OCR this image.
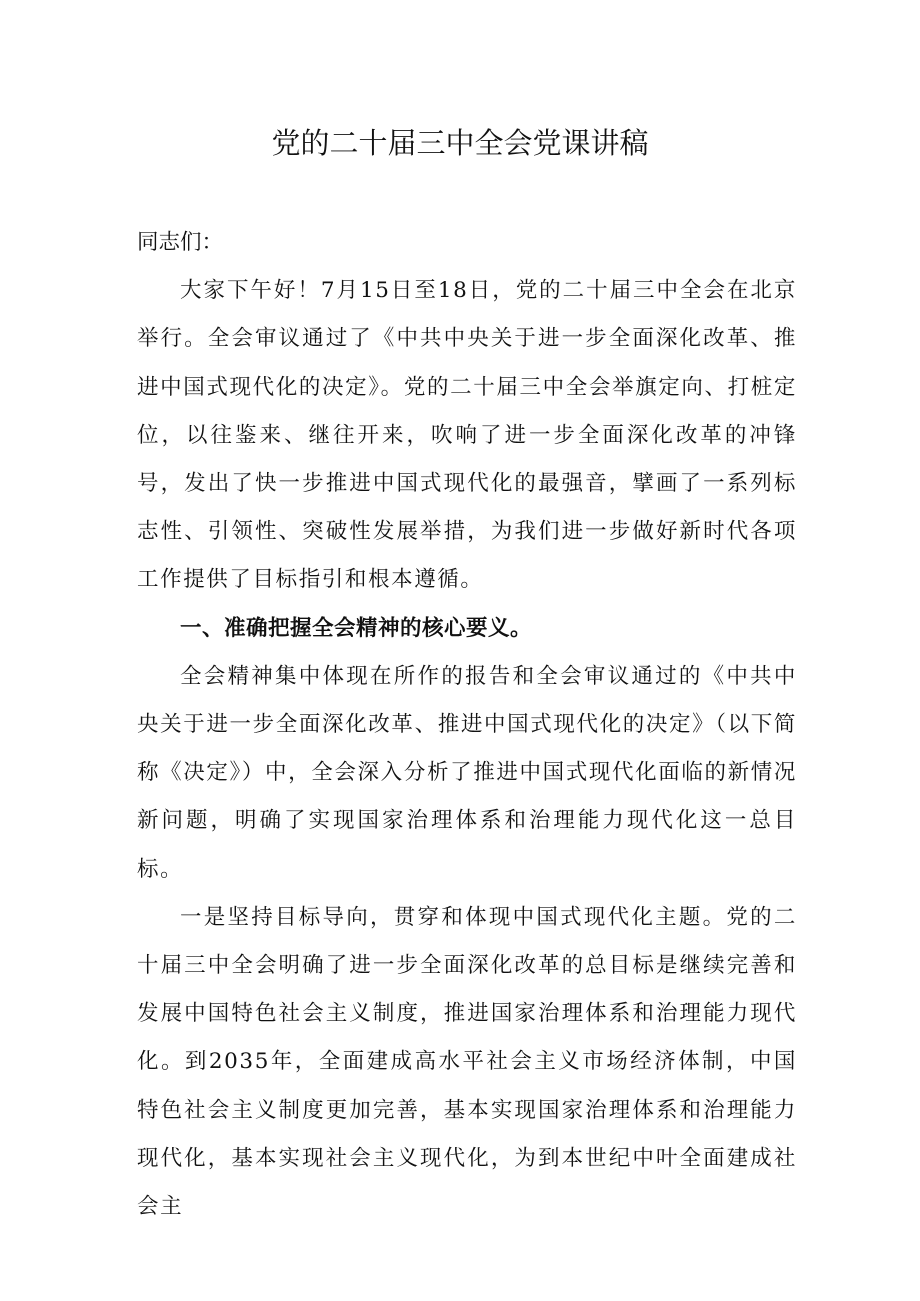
党的二十届三中全会党课讲稿

同志们：

大家下午好！7月15日至18日，党的二十届三中全会在北京举行。全会审议通过了《中共中央关于进一步全面深化改革、推进中国式现代化的决定》。党的二十届三中全会举旗定向、打桩定位，以往鉴来、继往开来，吹响了进一步全面深化改革的冲锋号，发出了快一步推进中国式现代化的最强音，擘画了一系列标志性、引领性、突破性发展举措，为我们进一步做好新时代各项工作提供了目标指引和根本遵循。

一、准确把握全会精神的核心要义。

全会精神集中体现在所作的报告和全会审议通过的《中共中央关于进一步全面深化改革、推进中国式现代化的决定》（以下简称《决定》）中，全会深入分析了推进中国式现代化面临的新情况新问题，明确了实现国家治理体系和治理能力现代化这一总目标。

一是坚持目标导向，贯穿和体现中国式现代化主题。党的二十届三中全会明确了进一步全面深化改革的总目标是继续完善和发展中国特色社会主义制度，推进国家治理体系和治理能力现代化。到2035年，全面建成高水平社会主义市场经济体制，中国特色社会主义制度更加完善，基本实现国家治理体系和治理能力现代化，基本实现社会主义现代化，为到本世纪中叶全面建成社会主
